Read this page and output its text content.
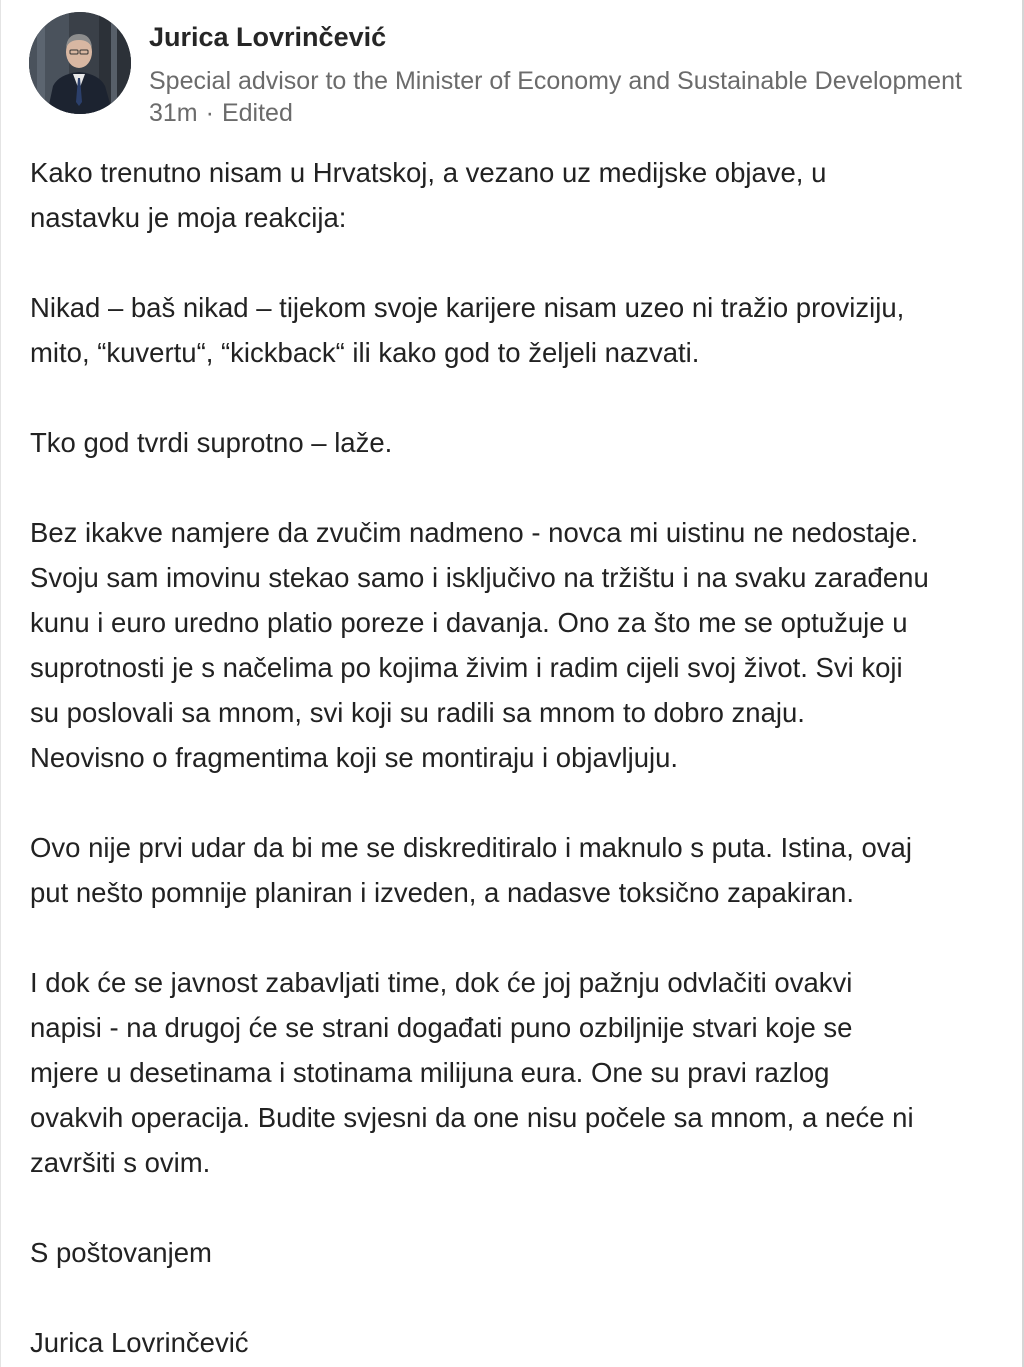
Jurica Lovrinčević
Special advisor to the Minister of Economy and Sustainable Development
31m · Edited

Kako trenutno nisam u Hrvatskoj, a vezano uz medijske objave, u
nastavku je moja reakcija:

Nikad – baš nikad – tijekom svoje karijere nisam uzeo ni tražio proviziju,
mito, “kuvertu“, “kickback“ ili kako god to željeli nazvati.

Tko god tvrdi suprotno – laže.

Bez ikakve namjere da zvučim nadmeno - novca mi uistinu ne nedostaje.
Svoju sam imovinu stekao samo i isključivo na tržištu i na svaku zarađenu
kunu i euro uredno platio poreze i davanja. Ono za što me se optužuje u
suprotnosti je s načelima po kojima živim i radim cijeli svoj život. Svi koji
su poslovali sa mnom, svi koji su radili sa mnom to dobro znaju.
Neovisno o fragmentima koji se montiraju i objavljuju.

Ovo nije prvi udar da bi me se diskreditiralo i maknulo s puta. Istina, ovaj
put nešto pomnije planiran i izveden, a nadasve toksično zapakiran.

I dok će se javnost zabavljati time, dok će joj pažnju odvlačiti ovakvi
napisi - na drugoj će se strani događati puno ozbiljnije stvari koje se
mjere u desetinama i stotinama milijuna eura. One su pravi razlog
ovakvih operacija. Budite svjesni da one nisu počele sa mnom, a neće ni
završiti s ovim.

S poštovanjem

Jurica Lovrinčević
